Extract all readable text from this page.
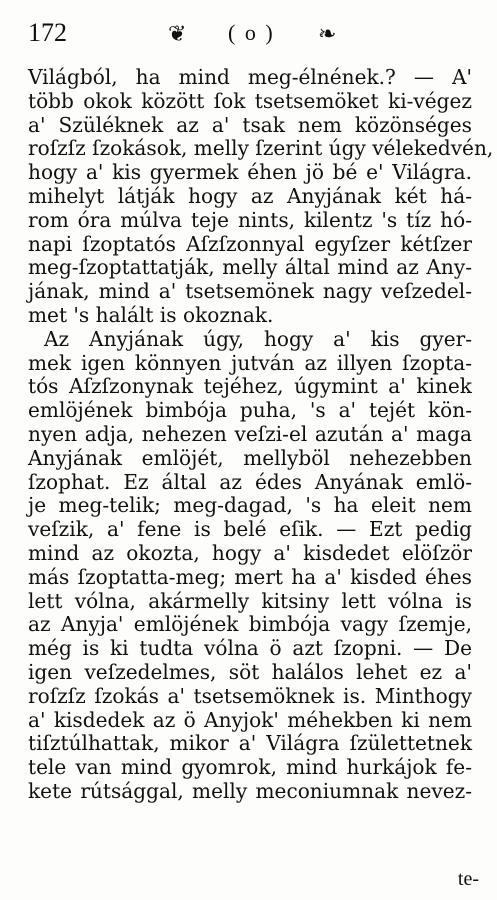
172	❦ ( o ) ❧
Világból, ha mind meg-élnének.? — A'
több okok között ſok tsetsemöket ki-végez
a' Szüléknek az a' tsak nem közönséges
roſzſz ſzokások, melly ſzerint úgy vélekedvén,
hogy a' kis gyermek éhen jö bé e' Világra.
mihelyt látják hogy az Anyjának két há-
rom óra múlva teje nints, kilentz 's tíz hó-
napi ſzoptatós Aſzſzonnyal egyſzer kétſzer
meg-ſzoptattatják, melly által mind az Any-
jának, mind a' tsetsemönek nagy veſzedel-
met 's halált is okoznak.
Az Anyjának úgy, hogy a' kis gyer-
mek igen könnyen jutván az illyen ſzopta-
tós Aſzſzonynak tejéhez, úgymint a' kinek
emlöjének bimbója puha, 's a' tejét kön-
nyen adja, nehezen veſzi-el azután a' maga
Anyjának emlöjét, mellyböl nehezebben
ſzophat. Ez által az édes Anyának emlö-
je meg-telik; meg-dagad, 's ha eleit nem
veſzik, a' fene is belé eſik. — Ezt pedig
mind az okozta, hogy a' kisdedet elöſzör
más ſzoptatta-meg; mert ha a' kisded éhes
lett vólna, akármelly kitsiny lett vólna is
az Anyja' emlöjének bimbója vagy ſzemje,
még is ki tudta vólna ö azt ſzopni. — De
igen veſzedelmes, söt halálos lehet ez a'
roſzſz ſzokás a' tsetsemöknek is. Minthogy
a' kisdedek az ö Anyjok' méhekben ki nem
tiſztúlhattak, mikor a' Világra ſzülettetnek
tele van mind gyomrok, mind hurkájok fe-
kete rútsággal, melly meconiumnak nevez-
te-
